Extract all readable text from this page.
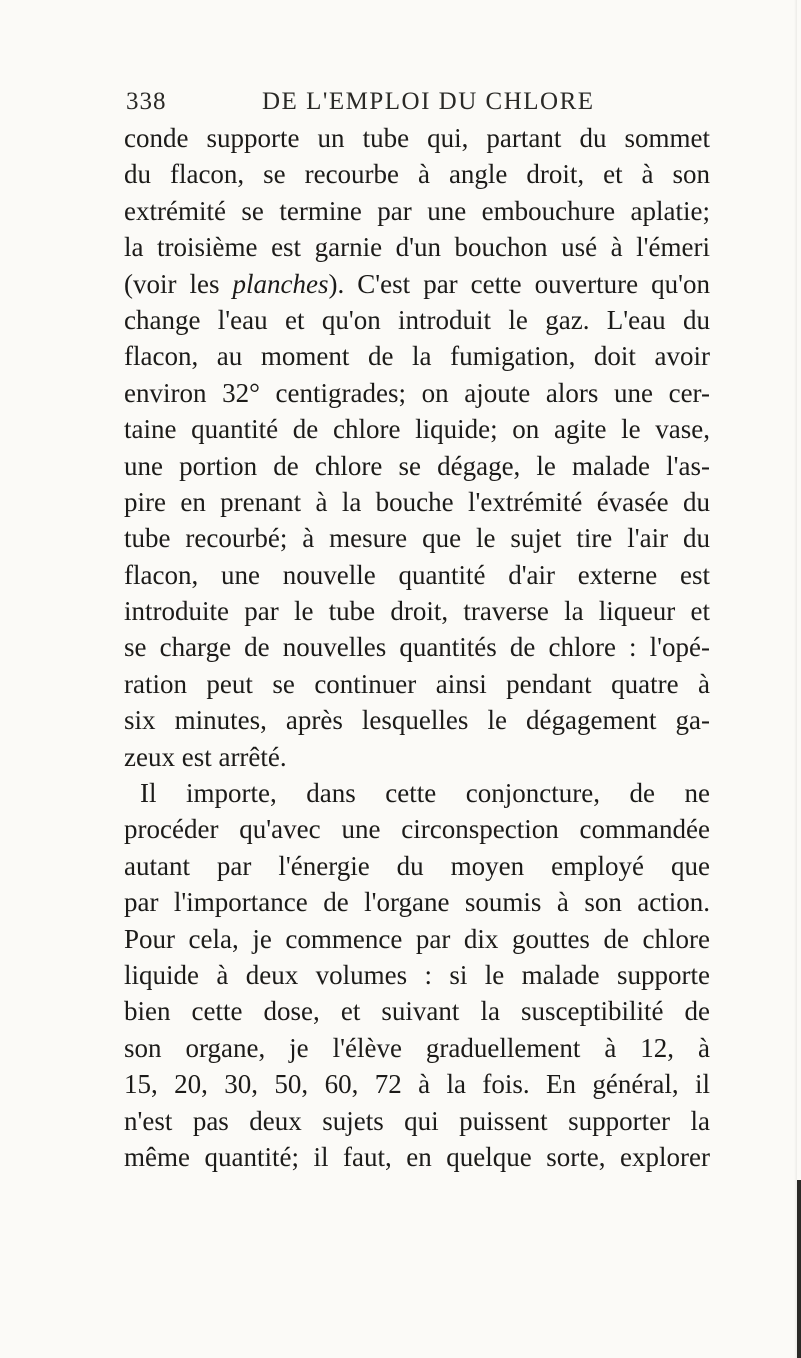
338	DE L'EMPLOI DU CHLORE
conde supporte un tube qui, partant du sommet
du flacon, se recourbe à angle droit, et à son
extrémité se termine par une embouchure aplatie;
la troisième est garnie d'un bouchon usé à l'émeri
(voir les planches). C'est par cette ouverture qu'on
change l'eau et qu'on introduit le gaz. L'eau du
flacon, au moment de la fumigation, doit avoir
environ 32° centigrades; on ajoute alors une cer-
taine quantité de chlore liquide; on agite le vase,
une portion de chlore se dégage, le malade l'as-
pire en prenant à la bouche l'extrémité évasée du
tube recourbé; à mesure que le sujet tire l'air du
flacon, une nouvelle quantité d'air externe est
introduite par le tube droit, traverse la liqueur et
se charge de nouvelles quantités de chlore : l'opé-
ration peut se continuer ainsi pendant quatre à
six minutes, après lesquelles le dégagement ga-
zeux est arrêté.
Il importe, dans cette conjoncture, de ne
procéder qu'avec une circonspection commandée
autant par l'énergie du moyen employé que
par l'importance de l'organe soumis à son action.
Pour cela, je commence par dix gouttes de chlore
liquide à deux volumes : si le malade supporte
bien cette dose, et suivant la susceptibilité de
son organe, je l'élève graduellement à 12, à
15, 20, 30, 50, 60, 72 à la fois. En général, il
n'est pas deux sujets qui puissent supporter la
même quantité; il faut, en quelque sorte, explorer
